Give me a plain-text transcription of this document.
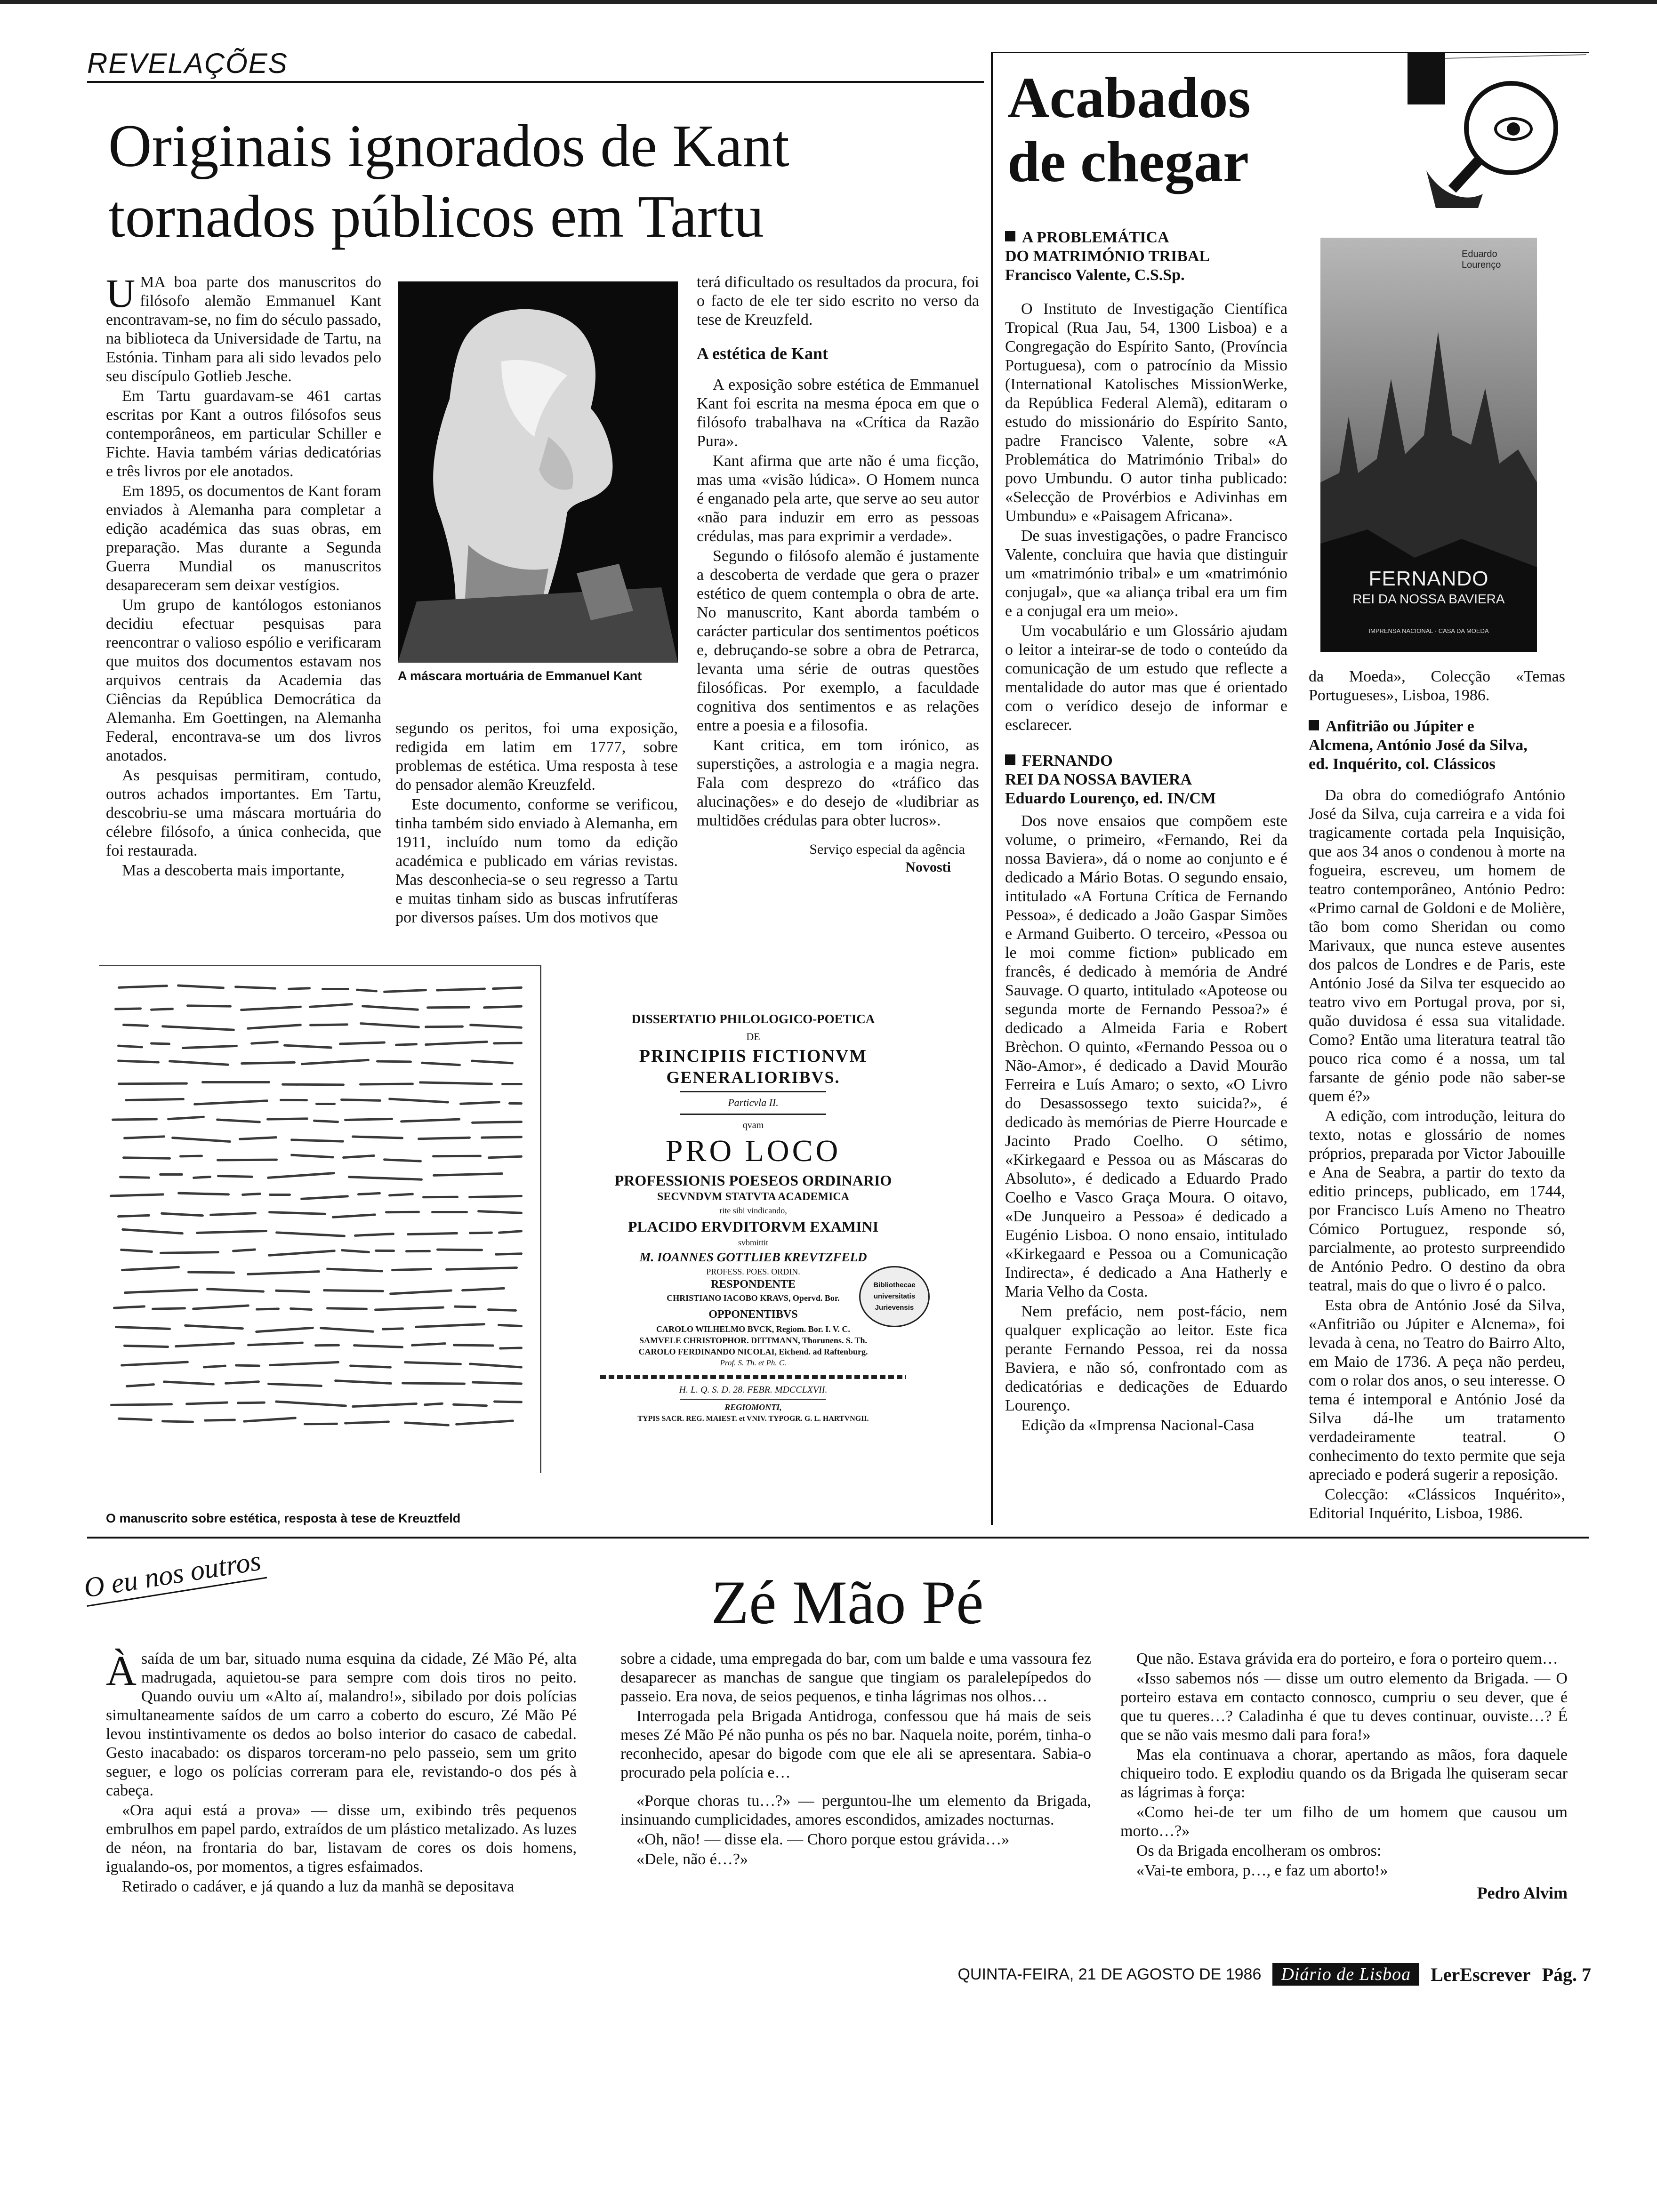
REVELAÇÕES
Originais ignorados de Kant
tornados públicos em Tartu

UMA boa parte dos manuscritos do filósofo alemão Emmanuel Kant encontravam-se, no fim do século passado, na biblioteca da Universidade de Tartu, na Estónia. Tinham para ali sido levados pelo seu discípulo Gotlieb Jesche.

Em Tartu guardavam-se 461 cartas escritas por Kant a outros filósofos seus contemporâneos, em particular Schiller e Fichte. Havia também várias dedicatórias e três livros por ele anotados.

Em 1895, os documentos de Kant foram enviados à Alemanha para completar a edição académica das suas obras, em preparação. Mas durante a Segunda Guerra Mundial os manuscritos desapareceram sem deixar vestígios.

Um grupo de kantólogos estonianos decidiu efectuar pesquisas para reencontrar o valioso espólio e verificaram que muitos dos documentos estavam nos arquivos centrais da Academia das Ciências da República Democrática da Alemanha. Em Goettingen, na Alemanha Federal, encontrava-se um dos livros anotados.

As pesquisas permitiram, contudo, outros achados importantes. Em Tartu, descobriu-se uma máscara mortuária do célebre filósofo, a única conhecida, que foi restaurada.

Mas a descoberta mais importante,

A máscara mortuária de Emmanuel Kant

segundo os peritos, foi uma exposição, redigida em latim em 1777, sobre problemas de estética. Uma resposta à tese do pensador alemão Kreuzfeld.

Este documento, conforme se verificou, tinha também sido enviado à Alemanha, em 1911, incluído num tomo da edição académica e publicado em várias revistas. Mas desconhecia-se o seu regresso a Tartu e muitas tinham sido as buscas infrutíferas por diversos países. Um dos motivos que

terá dificultado os resultados da procura, foi o facto de ele ter sido escrito no verso da tese de Kreuzfeld.

A estética de Kant

A exposição sobre estética de Emmanuel Kant foi escrita na mesma época em que o filósofo trabalhava na «Crítica da Razão Pura».

Kant afirma que arte não é uma ficção, mas uma «visão lúdica». O Homem nunca é enganado pela arte, que serve ao seu autor «não para induzir em erro as pessoas crédulas, mas para exprimir a verdade».

Segundo o filósofo alemão é justamente a descoberta de verdade que gera o prazer estético de quem contempla o obra de arte. No manuscrito, Kant aborda também o carácter particular dos sentimentos poéticos e, debruçando-se sobre a obra de Petrarca, levanta uma série de outras questões filosóficas. Por exemplo, a faculdade cognitiva dos sentimentos e as relações entre a poesia e a filosofia.

Kant critica, em tom irónico, as superstições, a astrologia e a magia negra. Fala com desprezo do «tráfico das alucinações» e do desejo de «ludibriar as multidões crédulas para obter lucros».

Serviço especial da agência
Novosti
O manuscrito sobre estética, resposta à tese de Kreuztfeld
DISSERTATIO PHILOLOGICO-POETICA
DE
PRINCIPIIS FICTIONVM
GENERALIORIBVS.
Particvla II.
qvam
PRO LOCO
PROFESSIONIS POESEOS ORDINARIO
SECVNDVM STATVTA ACADEMICA
rite sibi vindicando,
PLACIDO ERVDITORVM EXAMINI
svbmittit
M. IOANNES GOTTLIEB KREVTZFELD
PROFESS. POES. ORDIN.
RESPONDENTE
CHRISTIANO IACOBO KRAVS, Opervd. Bor.
OPPONENTIBVS
CAROLO WILHELMO BVCK, Regiom. Bor. I. V. C.
SAMVELE CHRISTOPHOR. DITTMANN, Thorunens. S. Th.
CAROLO FERDINANDO NICOLAI, Eichend. ad Raftenburg.
Prof. S. Th. et Ph. C.
H. L. Q. S. D. 28. FEBR. MDCCLXVII.
REGIOMONTI,
TYPIS SACR. REG. MAIEST. et VNIV. TYPOGR. G. L. HARTVNGII.
Bibliothecae
universitatis
Jurievensis
Acabados
de chegar
A PROBLEMÁTICA
DO MATRIMÓNIO TRIBAL
Francisco Valente, C.S.Sp.

O Instituto de Investigação Científica Tropical (Rua Jau, 54, 1300 Lisboa) e a Congregação do Espírito Santo, (Província Portuguesa), com o patrocínio da Missio (International Katolisches MissionWerke, da República Federal Alemã), editaram o estudo do missionário do Espírito Santo, padre Francisco Valente, sobre «A Problemática do Matrimónio Tribal» do povo Umbundu. O autor tinha publicado: «Selecção de Provérbios e Adivinhas em Umbundu» e «Paisagem Africana».

De suas investigações, o padre Francisco Valente, concluira que havia que distinguir um «matrimónio tribal» e um «matrimónio conjugal», que «a aliança tribal era um fim e a conjugal era um meio».

Um vocabulário e um Glossário ajudam o leitor a inteirar-se de todo o conteúdo da comunicação de um estudo que reflecte a mentalidade do autor mas que é orientado com o verídico desejo de informar e esclarecer.

FERNANDO
REI DA NOSSA BAVIERA
Eduardo Lourenço, ed. IN/CM

Dos nove ensaios que compõem este volume, o primeiro, «Fernando, Rei da nossa Baviera», dá o nome ao conjunto e é dedicado a Mário Botas. O segundo ensaio, intitulado «A Fortuna Crítica de Fernando Pessoa», é dedicado a João Gaspar Simões e Armand Guiberto. O terceiro, «Pessoa ou le moi comme fiction» publicado em francês, é dedicado à memória de André Sauvage. O quarto, intitulado «Apoteose ou segunda morte de Fernando Pessoa?» é dedicado a Almeida Faria e Robert Brèchon. O quinto, «Fernando Pessoa ou o Não-Amor», é dedicado a David Mourão Ferreira e Luís Amaro; o sexto, «O Livro do Desassossego texto suicida?», é dedicado às memórias de Pierre Hourcade e Jacinto Prado Coelho. O sétimo, «Kirkegaard e Pessoa ou as Máscaras do Absoluto», é dedicado a Eduardo Prado Coelho e Vasco Graça Moura. O oitavo, «De Junqueiro a Pessoa» é dedicado a Eugénio Lisboa. O nono ensaio, intitulado «Kirkegaard e Pessoa ou a Comunicação Indirecta», é dedicado a Ana Hatherly e Maria Velho da Costa.

Nem prefácio, nem post-fácio, nem qualquer explicação ao leitor. Este fica perante Fernando Pessoa, rei da nossa Baviera, e não só, confrontado com as dedicatórias e dedicações de Eduardo Lourenço.

Edição da «Imprensa Nacional-Casa

Eduardo Lourenço
FERNANDO
REI DA NOSSA BAVIERA
IMPRENSA NACIONAL · CASA DA MOEDA

da Moeda», Colecção «Temas Portugueses», Lisboa, 1986.

Anfitrião ou Júpiter e
Alcmena, António José da Silva,
ed. Inquérito, col. Clássicos

Da obra do comediógrafo António José da Silva, cuja carreira e a vida foi tragicamente cortada pela Inquisição, que aos 34 anos o condenou à morte na fogueira, escreveu, um homem de teatro contemporâneo, António Pedro: «Primo carnal de Goldoni e de Molière, tão bom como Sheridan ou como Marivaux, que nunca esteve ausentes dos palcos de Londres e de Paris, este António José da Silva ter esquecido ao teatro vivo em Portugal prova, por si, quão duvidosa é essa sua vitalidade. Como? Então uma literatura teatral tão pouco rica como é a nossa, um tal farsante de génio pode não saber-se quem é?»

A edição, com introdução, leitura do texto, notas e glossário de nomes próprios, preparada por Victor Jabouille e Ana de Seabra, a partir do texto da editio princeps, publicado, em 1744, por Francisco Luís Ameno no Theatro Cómico Portuguez, responde só, parcialmente, ao protesto surpreendido de António Pedro. O destino da obra teatral, mais do que o livro é o palco.

Esta obra de António José da Silva, «Anfitrião ou Júpiter e Alcnema», foi levada à cena, no Teatro do Bairro Alto, em Maio de 1736. A peça não perdeu, com o rolar dos anos, o seu interesse. O tema é intemporal e António José da Silva dá-lhe um tratamento verdadeiramente teatral. O conhecimento do texto permite que seja apreciado e poderá sugerir a reposição.

Colecção: «Clássicos Inquérito», Editorial Inquérito, Lisboa, 1986.

O eu nos outros	Zé Mão Pé

Àsaída de um bar, situado numa esquina da cidade, Zé Mão Pé, alta madrugada, aquietou-se para sempre com dois tiros no peito. Quando ouviu um «Alto aí, malandro!», sibilado por dois polícias simultaneamente saídos de um carro a coberto do escuro, Zé Mão Pé levou instintivamente os dedos ao bolso interior do casaco de cabedal. Gesto inacabado: os disparos torceram-no pelo passeio, sem um grito seguer, e logo os polícias correram para ele, revistando-o dos pés à cabeça.

«Ora aqui está a prova» — disse um, exibindo três pequenos embrulhos em papel pardo, extraídos de um plástico metalizado. As luzes de néon, na frontaria do bar, listavam de cores os dois homens, igualando-os, por momentos, a tigres esfaimados.

Retirado o cadáver, e já quando a luz da manhã se depositava

sobre a cidade, uma empregada do bar, com um balde e uma vassoura fez desaparecer as manchas de sangue que tingiam os paralelepípedos do passeio. Era nova, de seios pequenos, e tinha lágrimas nos olhos…

Interrogada pela Brigada Antidroga, confessou que há mais de seis meses Zé Mão Pé não punha os pés no bar. Naquela noite, porém, tinha-o reconhecido, apesar do bigode com que ele ali se apresentara. Sabia-o procurado pela polícia e…

«Porque choras tu…?» — perguntou-lhe um elemento da Brigada, insinuando cumplicidades, amores escondidos, amizades nocturnas.

«Oh, não! — disse ela. — Choro porque estou grávida…»

«Dele, não é…?»

Que não. Estava grávida era do porteiro, e fora o porteiro quem…

«Isso sabemos nós — disse um outro elemento da Brigada. — O porteiro estava em contacto connosco, cumpriu o seu dever, que é que tu queres…? Caladinha é que tu deves continuar, ouviste…? É que se não vais mesmo dali para fora!»

Mas ela continuava a chorar, apertando as mãos, fora daquele chiqueiro todo. E explodiu quando os da Brigada lhe quiseram secar as lágrimas à força:

«Como hei-de ter um filho de um homem que causou um morto…?»

Os da Brigada encolheram os ombros:

«Vai-te embora, p…, e faz um aborto!»

Pedro Alvim
QUINTA-FEIRA, 21 DE AGOSTO DE 1986	Diário de Lisboa	LerEscrever Pág. 7
